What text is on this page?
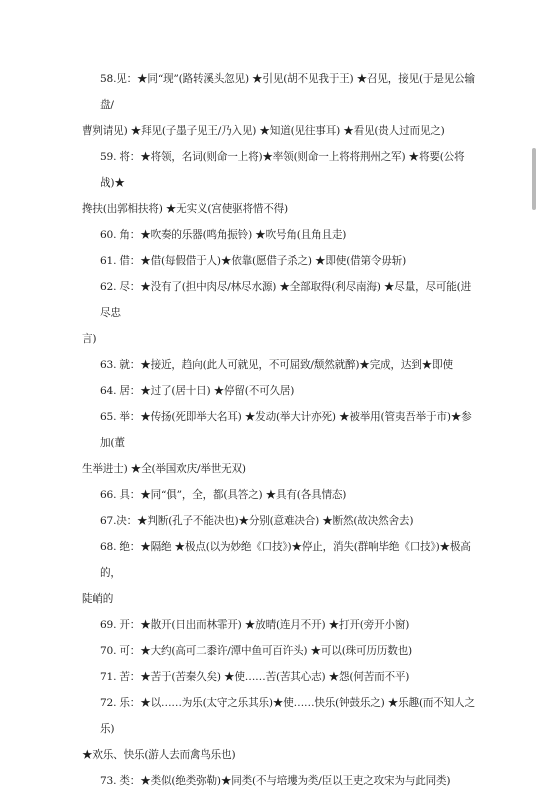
58.见：★同“现”(路转溪头忽见) ★引见(胡不见我于王) ★召见，接见(于是见公输盘/
曹刿请见) ★拜见(子墨子见王/乃入见) ★知道(见往事耳) ★看见(贵人过而见之)
59. 将：★将领，名词(则命一上将)★率领(则命一上将将荆州之军) ★将要(公将战)★
搀扶(出郭相扶将) ★无实义(宫使驱将惜不得)
60. 角：★吹奏的乐器(鸣角振铃) ★吹号角(且角且走)
61. 借：★借(每假借于人)★依靠(愿借子杀之) ★即使(借第令毋斩)
62. 尽：★没有了(担中肉尽/林尽水源) ★全部取得(利尽南海) ★尽量，尽可能(进尽忠
言)
63. 就：★接近，趋向(此人可就见，不可屈致/颓然就醉)★完成，达到★即使
64. 居：★过了(居十日) ★停留(不可久居)
65. 举：★传扬(死即举大名耳) ★发动(举大计亦死) ★被举用(管夷吾举于市)★参加(董
生举进士) ★全(举国欢庆/举世无双)
66. 具：★同“俱”，全，都(具答之) ★具有(各具情态)
67.决：★判断(孔子不能决也)★分别(意难决合) ★断然(故决然舍去)
68. 绝：★隔绝 ★极点(以为妙绝《口技》)★停止，消失(群响毕绝《口技》)★极高的，
陡峭的
69. 开：★散开(日出而林霏开) ★放晴(连月不开) ★打开(旁开小窗)
70. 可：★大约(高可二黍许/潭中鱼可百许头) ★可以(珠可历历数也)
71. 苦：★苦于(苦秦久矣) ★使……苦(苦其心志) ★怨(何苦而不平)
72. 乐：★以……为乐(太守之乐其乐)★使……快乐(钟鼓乐之) ★乐趣(而不知人之乐)
★欢乐、快乐(游人去而禽鸟乐也)
73. 类：★类似(绝类弥勒)★同类(不与培塿为类/臣以王吏之攻宋为与此同类)
